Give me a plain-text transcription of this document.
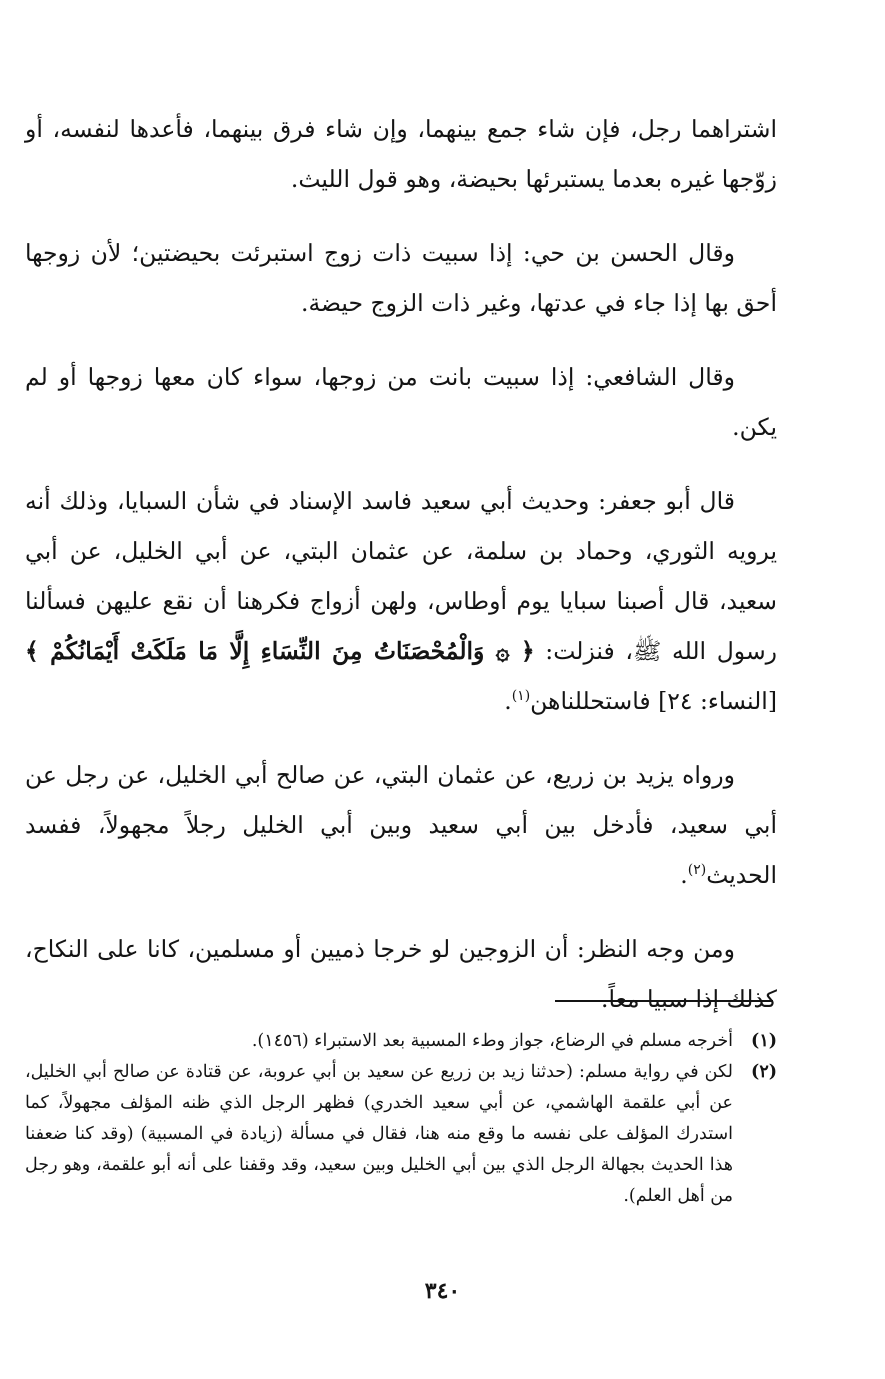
اشتراهما رجل، فإن شاء جمع بينهما، وإن شاء فرق بينهما، فأعدها لنفسه، أو زوّجها غيره بعدما يستبرئها بحيضة، وهو قول الليث.

وقال الحسن بن حي: إذا سبيت ذات زوج استبرئت بحيضتين؛ لأن زوجها أحق بها إذا جاء في عدتها، وغير ذات الزوج حيضة.

وقال الشافعي: إذا سبيت بانت من زوجها، سواء كان معها زوجها أو لم يكن.

قال أبو جعفر: وحديث أبي سعيد فاسد الإسناد في شأن السبايا، وذلك أنه يرويه الثوري، وحماد بن سلمة، عن عثمان البتي، عن أبي الخليل، عن أبي سعيد، قال أصبنا سبايا يوم أوطاس، ولهن أزواج فكرهنا أن نقع عليهن فسألنا رسول الله ﷺ، فنزلت: ﴿ ۞ وَالْمُحْصَنَاتُ مِنَ النِّسَاءِ إِلَّا مَا مَلَكَتْ أَيْمَانُكُمْ ﴾ [النساء: ٢٤] فاستحللناهن$^{(١)}$.

ورواه يزيد بن زريع، عن عثمان البتي، عن صالح أبي الخليل، عن رجل عن أبي سعيد، فأدخل بين أبي سعيد وبين أبي الخليل رجلاً مجهولاً، ففسد الحديث$^{(٢)}$.

ومن وجه النظر: أن الزوجين لو خرجا ذميين أو مسلمين، كانا على النكاح، كذلك إذا سبيا معاً.

(١)
أخرجه مسلم في الرضاع، جواز وطء المسبية بعد الاستبراء (١٤٥٦).
(٢)
لكن في رواية مسلم: (حدثنا زيد بن زريع عن سعيد بن أبي عروبة، عن قتادة عن صالح أبي الخليل، عن أبي علقمة الهاشمي، عن أبي سعيد الخدري) فظهر الرجل الذي ظنه المؤلف مجهولاً، كما استدرك المؤلف على نفسه ما وقع منه هنا، فقال في مسألة (زيادة في المسبية) (وقد كنا ضعفنا هذا الحديث بجهالة الرجل الذي بين أبي الخليل وبين سعيد، وقد وقفنا على أنه أبو علقمة، وهو رجل من أهل العلم).
٣٤٠
